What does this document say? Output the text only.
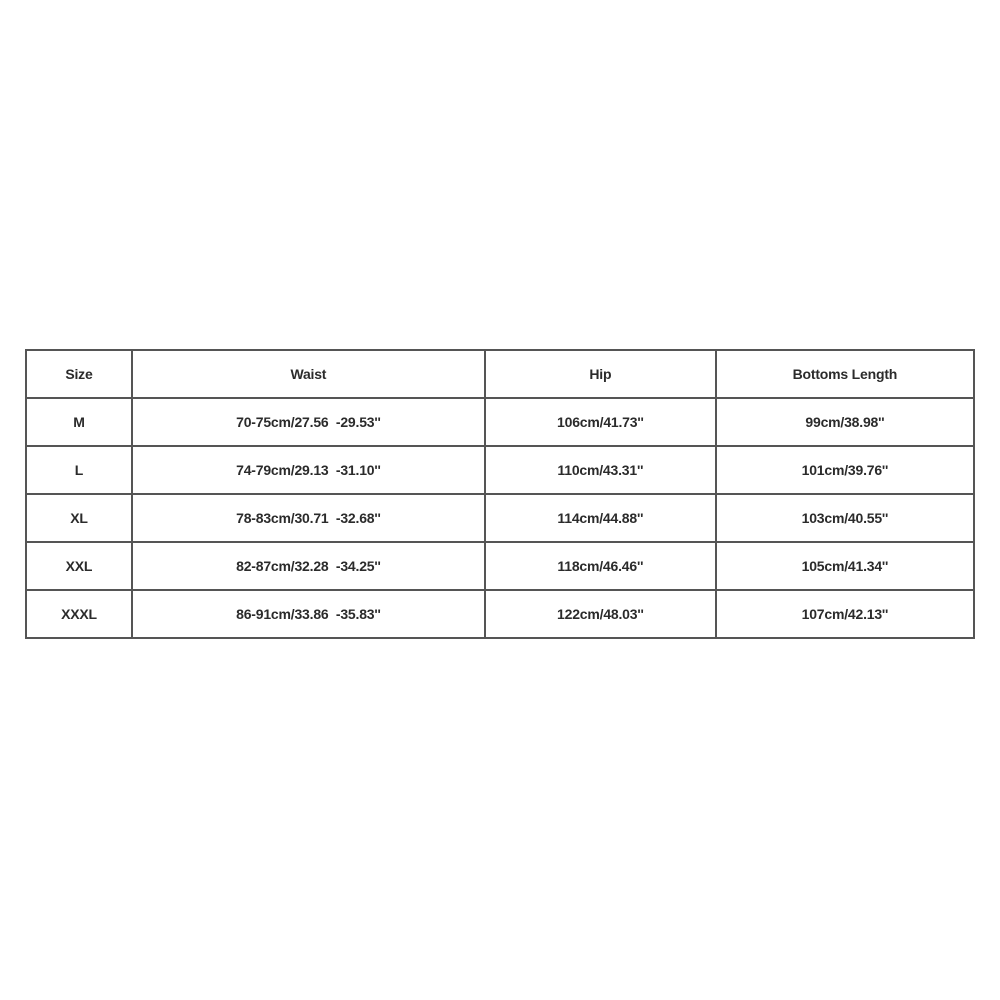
Size	Waist	Hip	Bottoms Length
M	70-75cm/27.56  -29.53''	106cm/41.73''	99cm/38.98''
L	74-79cm/29.13  -31.10''	110cm/43.31''	101cm/39.76''
XL	78-83cm/30.71  -32.68''	114cm/44.88''	103cm/40.55''
XXL	82-87cm/32.28  -34.25''	118cm/46.46''	105cm/41.34''
XXXL	86-91cm/33.86  -35.83''	122cm/48.03''	107cm/42.13''
